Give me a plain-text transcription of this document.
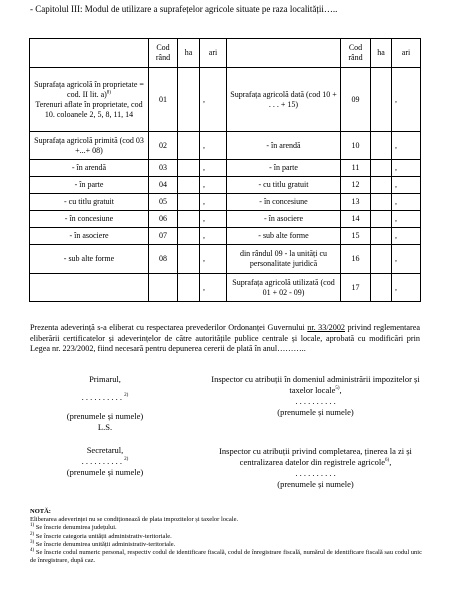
- Capitolul III: Modul de utilizare a suprafețelor agricole situate pe raza localității…..
	Cod rând	ha	ari		Cod rând	ha	ari
Suprafața agricolă în proprietate = cod. II lit. a)$^{8)}$
Terenuri aflate în proprietate, cod 10. coloanele 2, 5, 8, 11, 14	01		,	Suprafața agricolă dată (cod 10 + . . . + 15)	09		,
Suprafața agricolă primită (cod 03 +...+ 08)	02		,	- în arendă	10		,
- în arendă	03		,	- în parte	11		,
- în parte	04		,	- cu titlu gratuit	12		,
- cu titlu gratuit	05		,	- în concesiune	13		,
- în concesiune	06		,	- în asociere	14		,
- în asociere	07		,	- sub alte forme	15		,
- sub alte forme	08		,	din rândul 09 - la unități cu personalitate juridică	16		,
			,	Suprafața agricolă utilizată (cod 01 + 02 - 09)	17		,
Prezenta adeverință s-a eliberat cu respectarea prevederilor Ordonanței Guvernului nr. 33/2002 privind reglementarea eliberării certificatelor și adeverințelor de către autoritățile publice centrale și locale, aprobată cu modificări prin Legea nr. 223/2002, fiind necesară pentru depunerea cererii de plată în anul………..
Primarul,
. . . . . . . . . . $^{2)}$
(prenumele și numele)
L.S.
Secretarul,
. . . . . . . . . . $^{2)}$
(prenumele și numele)
Inspector cu atribuții în domeniul administrării impozitelor și taxelor locale$^{5)}$,
. . . . . . . . . .
(prenumele și numele)
Inspector cu atribuții privind completarea, ținerea la zi și centralizarea datelor din registrele agricole$^{6)}$,
. . . . . . . . . .
(prenumele și numele)
NOTĂ:
Eliberarea adeverinței nu se condiționează de plata impozitelor și taxelor locale.
$^{1)}$ Se înscrie denumirea județului.
$^{2)}$ Se înscrie categoria unității administrativ-teritoriale.
$^{3)}$ Se înscrie denumirea unității administrativ-teritoriale.
$^{4)}$ Se înscrie codul numeric personal, respectiv codul de identificare fiscală, codul de înregistrare fiscală, numărul de identificare fiscală sau codul unic de înregistrare, după caz.
